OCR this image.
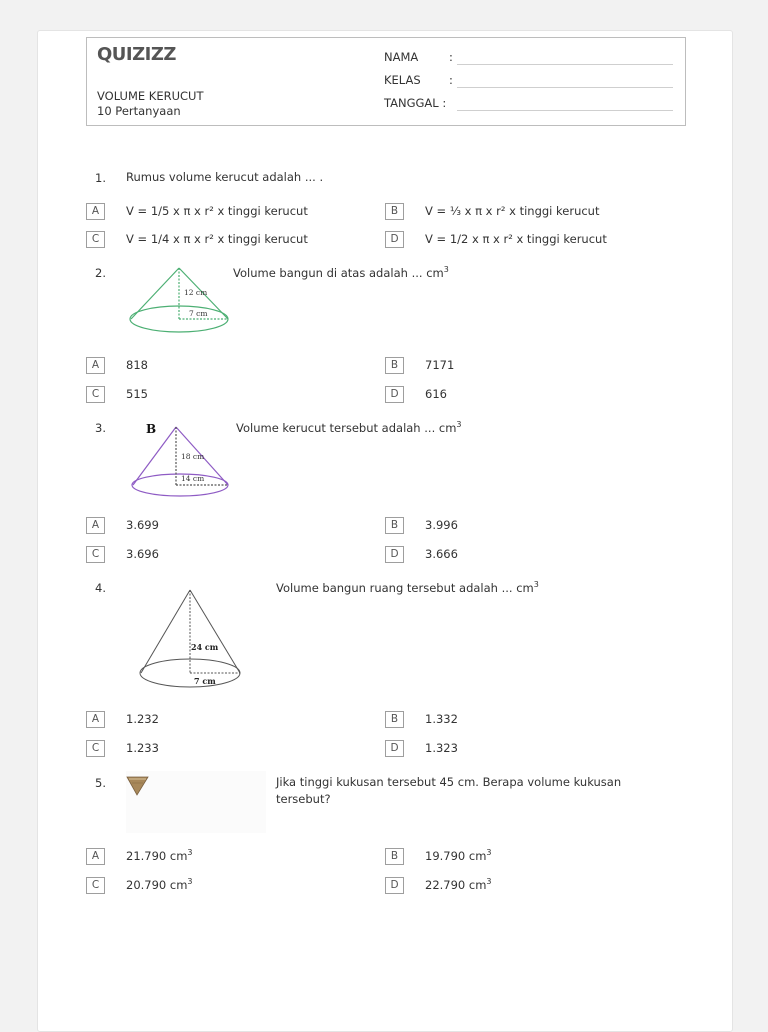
QUIZIZZ
VOLUME KERUCUT
10 Pertanyaan
NAMA	:
KELAS :
TANGGAL :
1. Rumus volume kerucut adalah ... .
A	V = 1/5 x π x r² x tinggi kerucut	B	V = ⅓ x π x r² x tinggi kerucut
C	V = 1/4 x π x r² x tinggi kerucut	D	V = 1/2 x π x r² x tinggi kerucut
2.
12 cm
7 cm
Volume bangun di atas adalah ... $cm^3$
A	818	B	7171
C	515	D	616
3.	B
18 cm
14 cm
Volume kerucut tersebut adalah ... $cm^3$
A	3.699	B	3.996
C	3.696	D	3.666
4.
24 cm
7 cm
Volume bangun ruang tersebut adalah ... $cm^3$
A	1.232	B	1.332
C	1.233	D	1.323
5.	Jika tinggi kukusan tersebut 45 cm. Berapa volume kukusan
tersebut?
A	21.790 $cm^3$	B	19.790 $cm^3$
C	20.790 $cm^3$	D	22.790 $cm^3$
